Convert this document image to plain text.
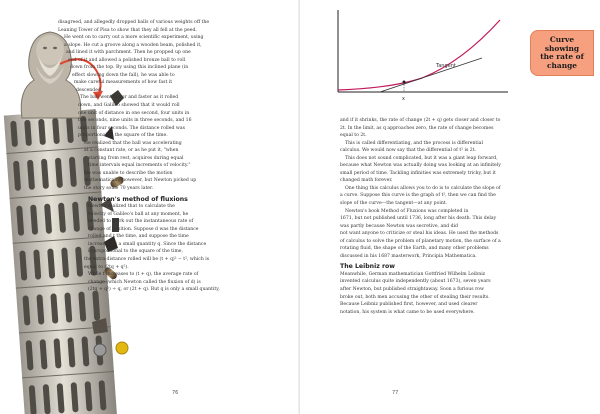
disagreed, and allegedly dropped balls of various weights off the
Leaning Tower of Pisa to show that they all fell at the peed.
He went on to carry out a more scientific experiment, using
a slope. He cut a groove along a wooden beam, polished it,
and lined it with parchment. Then he propped up one
end of it and allowed a polished bronze ball to roll
down from the top. By using this inclined plane (in
effect slowing down the fall), he was able to
make careful measurements of how fast it
descended.
The ball went faster and faster as it rolled
down, and Galileo showed that it would roll
one unit of distance in one second, four units in
two seconds, nine units in three seconds, and 16
units in four seconds. The distance rolled was
proportional to the square of the time.
He realized that the ball was accelerating
at a constant rate, or as he put it, "when
starting from rest, acquires during equal
time intervals equal increments of velocity."
He was unable to describe the motion
mathematically, however, but Newton picked up
the story some 70 years later.
Newton's method of fluxions
Newton realized that to calculate the
velocity of Galileo's ball at any moment, he
needed to work out the instantaneous rate of
change of position. Suppose d was the distance
rolled and t the time, and suppose the time
increases by a small quantity q. Since the distance
is proportional to the square of the time,
the extra distance rolled will be (t + q)² − t², which is
equal to (2tq + q²).
While t increases to (t + q), the average rate of
change (which Newton called the fluxion of d) is
(2tq + q²) ÷ q, or (2t + q). But q is only a small quantity,
76
Tangent
x
Curve
showing
the rate of
change
and if it shrinks, the rate of change (2t + q) gets closer and closer to
2t. In the limit, as q approaches zero, the rate of change becomes
equal to 2t.
This is called differentiating, and the process is differential
calculus. We would now say that the differential of t² is 2t.
This does not sound complicated, but it was a giant leap forward,
because what Newton was actually doing was looking at an infinitely
small period of time. Tackling infinities was extremely tricky, but it
changed math forever.
One thing this calculus allows you to do is to calculate the slope of
a curve. Suppose this curve is the graph of t², then we can find the
slope of the curve—the tangent—at any point.
Newton's book Method of Fluxions was completed in
1671, but not published until 1736, long after his death. This delay
was partly because Newton was secretive, and did
not want anyone to criticize or steal his ideas. He used the methods
of calculus to solve the problem of planetary motion, the surface of a
rotating fluid, the shape of the Earth, and many other problems
discussed in his 1687 masterwork, Principia Mathematica.
The Leibniz row
Meanwhile, German mathematician Gottfried Wilhelm Leibniz
invented calculus quite independently (about 1673), seven years
after Newton, but published straightaway. Soon a furious row
broke out, both men accusing the other of stealing their results.
Because Leibniz published first, however, and used clearer
notation, his system is what came to be used everywhere.
77
